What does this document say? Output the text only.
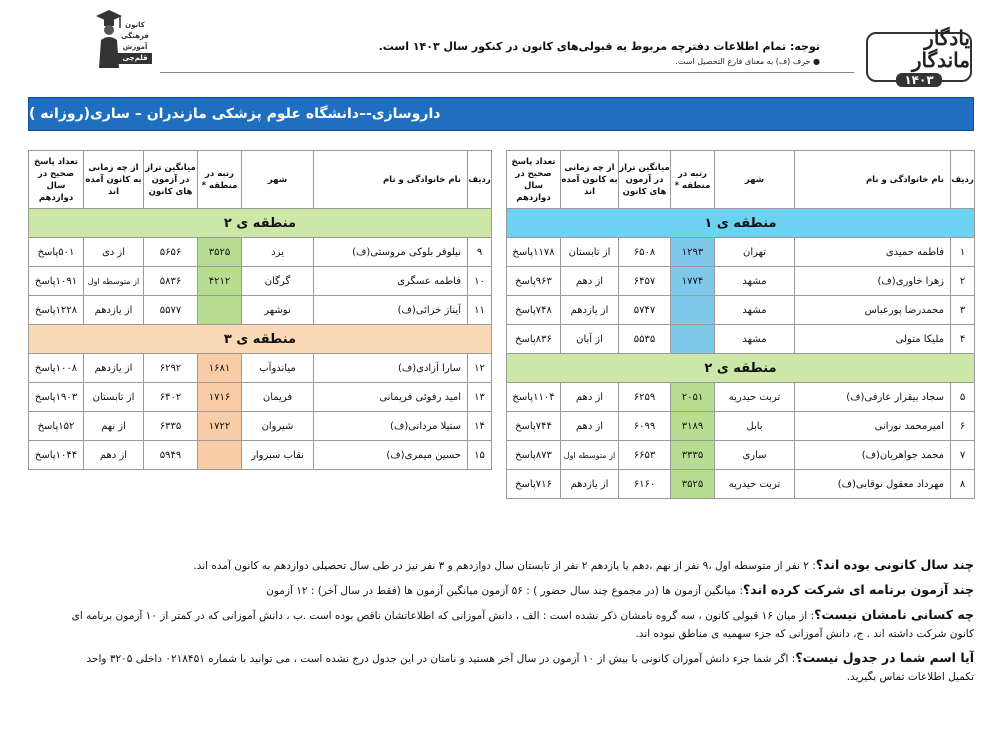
یادگار ماندگار
۱۴۰۳
توجه: تمام اطلاعات دفترچه مربوط به قبولی‌های کانون در کنکور سال ۱۴۰۳ است.
● حرف (ف) به معنای فارغ التحصیل است.
کانون
فرهنگی
آموزش
قلم‌چی
داروسازی-–دانشگاه علوم پزشکی مازندران – ساری(روزانه )
ردیف	نام خانوادگی و نام	شهر	رتبه در منطقه *	میانگین تراز در آزمون های کانون	از چه زمانی به کانون آمده اند	تعداد پاسخ صحیح در سال دوازدهم
منطقه ی ۱						
۱	فاطمه حمیدی	تهران	۱۲۹۳	۶۵۰۸	از تابستان	۱۱۷۸پاسخ
۲	زهرا خاوری(ف)	مشهد	۱۷۷۴	۶۴۵۷	از دهم	۹۶۳پاسخ
۳	محمدرضا پورعباس	مشهد		۵۷۴۷	از یازدهم	۷۴۸پاسخ
۴	ملیکا متولی	مشهد		۵۵۳۵	از آبان	۸۳۶پاسخ
منطقه ی ۲						
۵	سجاد بیقرار عارفی(ف)	تربت حیدریه	۲۰۵۱	۶۲۵۹	از دهم	۱۱۰۴پاسخ
۶	امیرمحمد نورانی	بابل	۳۱۸۹	۶۰۹۹	از دهم	۷۴۴پاسخ
۷	محمد جواهریان(ف)	ساری	۳۳۳۵	۶۶۵۳	از متوسطه اول	۸۷۳پاسخ
۸	مهرداد معقول نوقابی(ف)	تربت حیدریه	۳۵۲۵	۶۱۶۰	از یازدهم	۷۱۶پاسخ
ردیف	نام خانوادگی و نام	شهر	رتبه در منطقه *	میانگین تراز در آزمون های کانون	از چه زمانی به کانون آمده اند	تعداد پاسخ صحیح در سال دوازدهم
منطقه ی ۲						
۹	نیلوفر بلوکی مروستی(ف)	یزد	۳۵۲۵	۵۶۵۶	از دی	۵۰۱پاسخ
۱۰	فاطمه عسگری	گرگان	۴۲۱۲	۵۸۳۶	از متوسطه اول	۱۰۹۱پاسخ
۱۱	آیناز خزائی(ف)	نوشهر		۵۵۷۷	از یازدهم	۱۲۲۸پاسخ
منطقه ی ۳						
۱۲	سارا آزادی(ف)	میاندوآب	۱۶۸۱	۶۲۹۲	از یازدهم	۱۰۰۸پاسخ
۱۳	امید رفوئی فریمانی	فریمان	۱۷۱۶	۶۴۰۲	از تابستان	۱۹۰۳پاسخ
۱۴	ستیلا مردانی(ف)	شیروان	۱۷۲۲	۶۳۳۵	از نهم	۱۵۲پاسخ
۱۵	حسین میمری(ف)	نقاب سبزوار		۵۹۴۹	از دهم	۱۰۴۴پاسخ

چند سال کانونی بوده اند؟: ۲ نفر از متوسطه اول ،۹ نفر از نهم ،دهم یا یازدهم ۲ نفر از تابستان سال دوازدهم و ۳ نفر نیز در طی سال تحصیلی دوازدهم به کانون آمده اند.

چند آزمون برنامه ای شرکت کرده اند؟: میانگین آزمون ها (در مجموع چند سال حضور ) : ۵۶ آزمون میانگین آزمون ها (فقط در سال آخر) : ۱۲ آزمون

چه کسانی نامشان نیست؟: از میان ۱۶ قبولی کانون ، سه گروه نامشان ذکر نشده است : الف ، دانش آموزانی که اطلاعاتشان ناقص بوده است .ب ، دانش آموزانی که در کمتر از ۱۰ آزمون برنامه ای

کانون شرکت داشته اند . ج، دانش آموزانی که جزء سهمیه ی مناطق نبوده اند.

آیا اسم شما در جدول نیست؟: اگر شما جزء دانش آموزان کانونی با بیش از ۱۰ آزمون در سال آخر هستید و نامتان در این جدول درج نشده است ، می توانید با شماره ۰۲۱۸۴۵۱ داخلی ۳۲۰۵ واحد

تکمیل اطلاعات تماس بگیرید.
